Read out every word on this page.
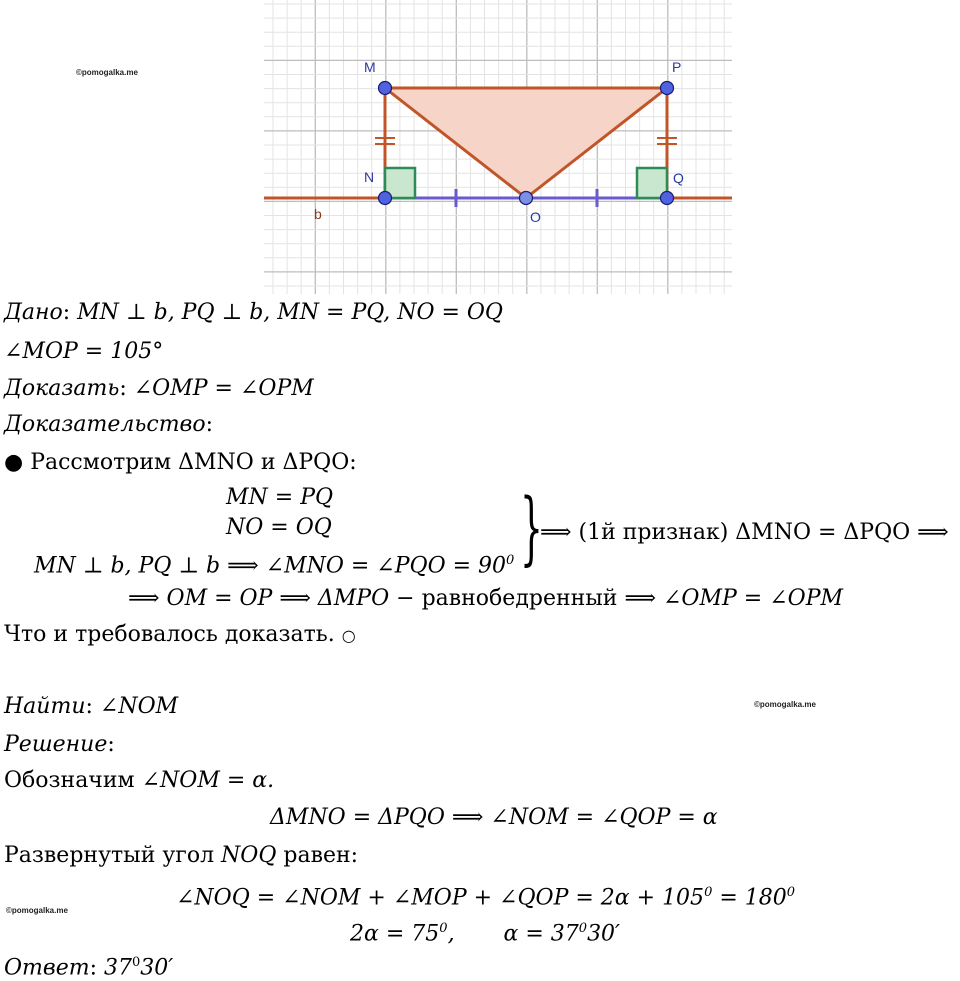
M	P
N	Q
O
b
©pomogalka.me
Дано: MN ⊥ b, PQ ⊥ b, MN = PQ, NO = OQ
∠MOP = 105°
Доказать: ∠OMP = ∠OPM
Доказательство:
● Рассмотрим ΔMNO и ΔPQO:
MN = PQ
NO = OQ
MN ⊥ b, PQ ⊥ b ⟹ ∠MNO = ∠PQO = $90^0$ }
⟹ (1й признак) ΔMNO = ΔPQO ⟹
⟹ OM = OP ⟹ ΔMPO − равнобедренный ⟹ ∠OMP = ∠OPM
Что и требовалось доказать. ○
Найти: ∠NOM	©pomogalka.me
Решение:
Обозначим ∠NOM = α.
ΔMNO = ΔPQO ⟹ ∠NOM = ∠QOP = α
Развернутый угол NOQ равен:
∠NOQ = ∠NOM + ∠MOP + ∠QOP = $2\alpha + 105^0 = 180^0$
©pomogalka.me
$2\alpha = 75^0$,       $\alpha = 37^030'$
Ответ: $37^030'$
